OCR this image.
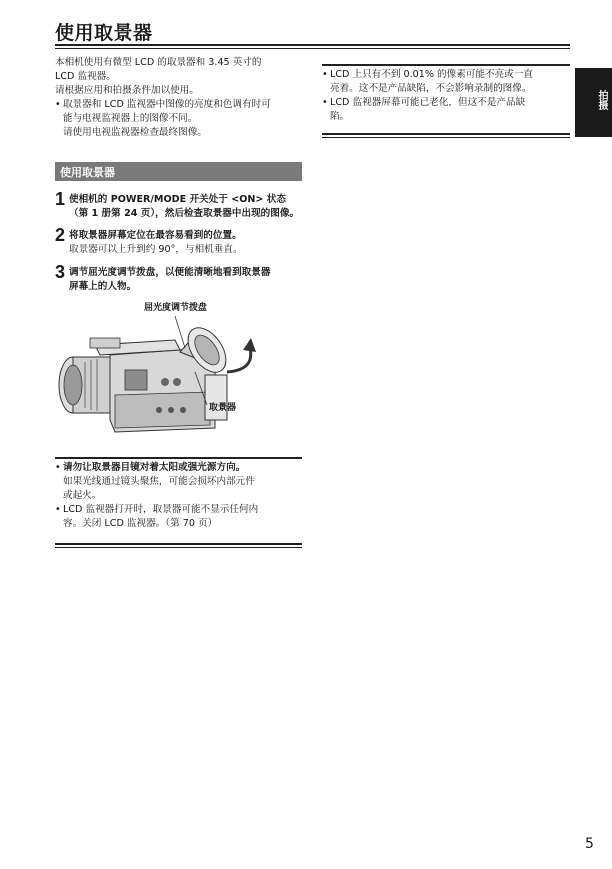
使用取景器
本相机使用有微型 LCD 的取景器和 3.45 英寸的
LCD 监视器。
请根据应用和拍摄条件加以使用。
• 取景器和 LCD 监视器中图像的亮度和色调有时可
能与电视监视器上的图像不同。
请使用电视监视器检查最终图像。
使用取景器
1 使相机的 POWER/MODE 开关处于 <ON> 状态
（第 1 册第 24 页），然后检查取景器中出现的图像。
2 将取景器屏幕定位在最容易看到的位置。
取景器可以上升到约 90°，与相机垂直。
3 调节屈光度调节拨盘，以便能清晰地看到取景器
屏幕上的人物。
屈光度调节拨盘
取景器
• 请勿让取景器目镜对着太阳或强光源方向。
如果光线通过镜头聚焦，可能会损坏内部元件
或起火。
• LCD 监视器打开时，取景器可能不显示任何内
容。关闭 LCD 监视器。（第 70 页）
• LCD 上只有不到 0.01% 的像素可能不亮或一直
亮着。这不是产品缺陷，不会影响录制的图像。
• LCD 监视器屏幕可能已老化，但这不是产品缺
陷。
拍摄
5
